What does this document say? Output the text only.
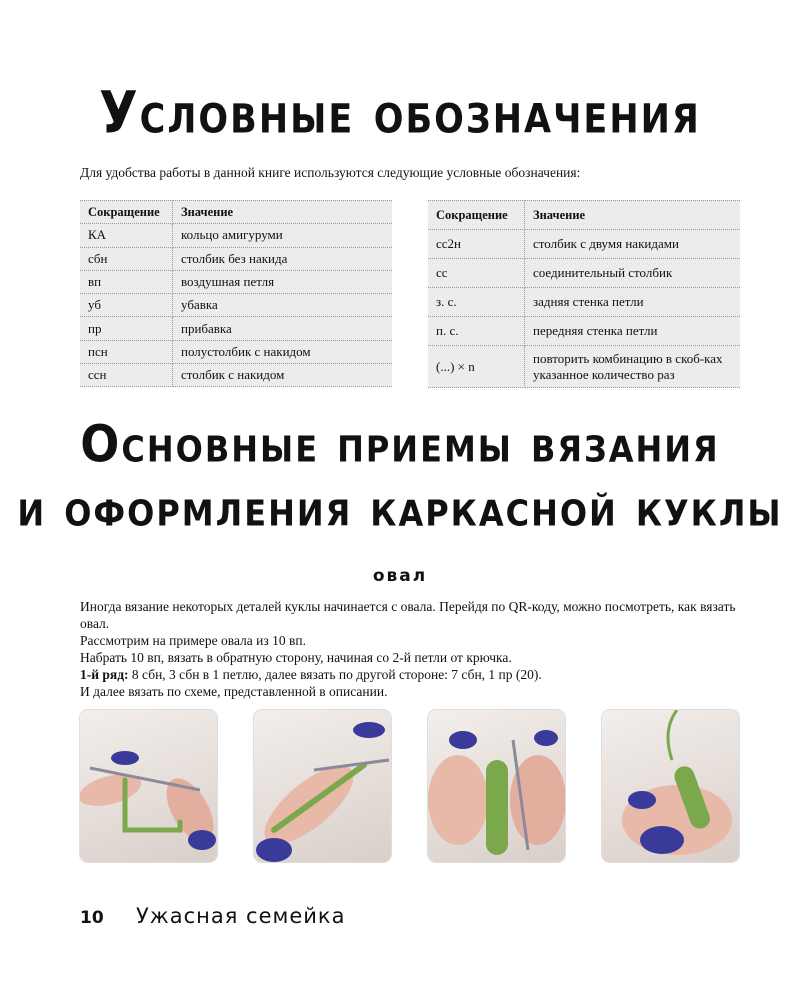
Условные обозначения
Для удобства работы в данной книге используются следующие условные обозначения:
Сокращение	Значение
КА	кольцо амигуруми
сбн	столбик без накида
вп	воздушная петля
уб	убавка
пр	прибавка
псн	полустолбик с накидом
ссн	столбик с накидом
Сокращение	Значение
сс2н	столбик с двумя накидами
сс	соединительный столбик
з. с.	задняя стенка петли
п. с.	передняя стенка петли
(...) × n	повторить комбинацию в скоб-ках указанное количество раз
Основные приемы вязания
и оформления каркасной куклы
овал

Иногда вязание некоторых деталей куклы начинается с овала. Перейдя по QR-коду, можно посмотреть, как вязать овал.

Рассмотрим на примере овала из 10 вп.

Набрать 10 вп, вязать в обратную сторону, начиная со 2-й петли от крючка.

1-й ряд: 8 сбн, 3 сбн в 1 петлю, далее вязать по другой стороне: 7 сбн, 1 пр (20).

И далее вязать по схеме, представленной в описании.

10 Ужасная семейка
